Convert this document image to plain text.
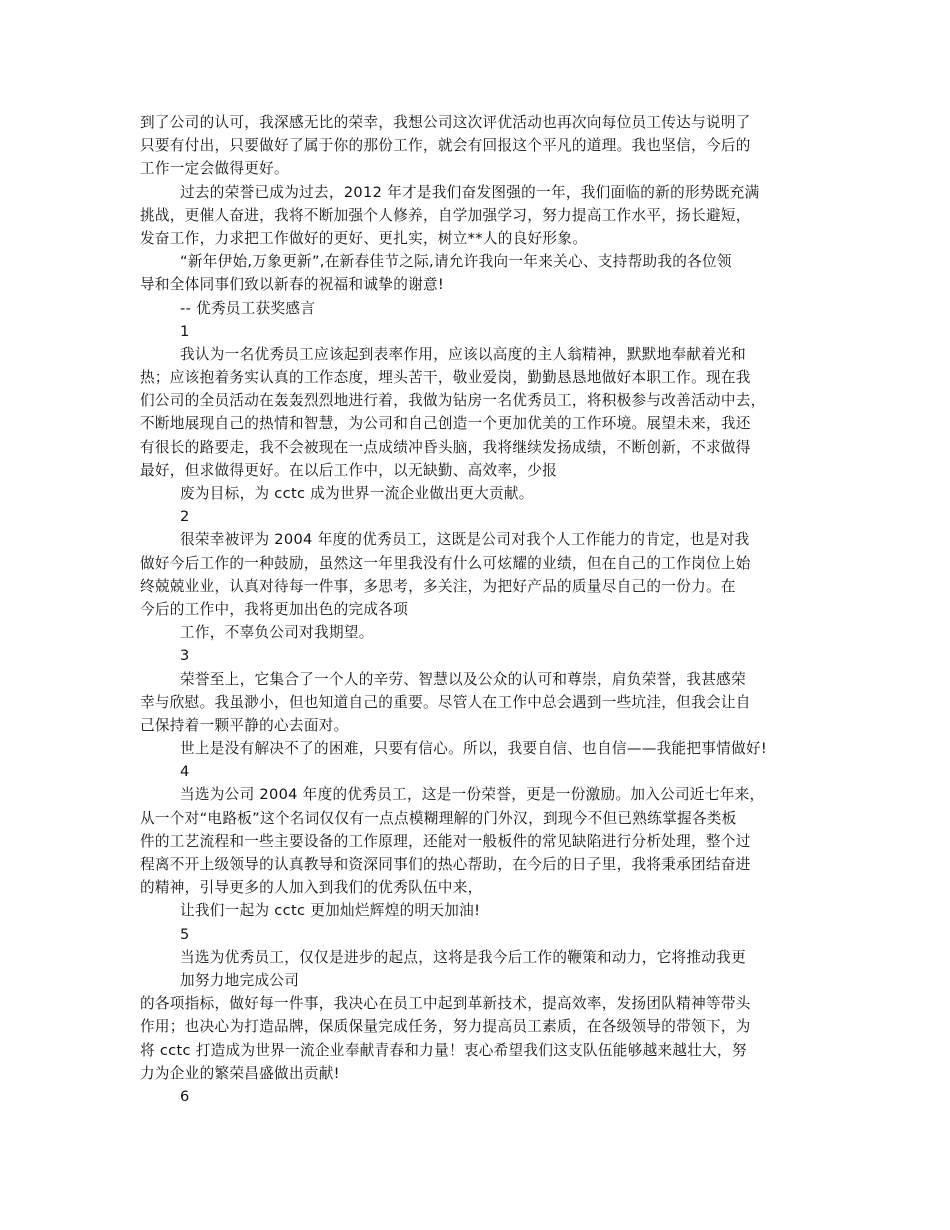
到了公司的认可，我深感无比的荣幸，我想公司这次评优活动也再次向每位员工传达与说明了
只要有付出，只要做好了属于你的那份工作，就会有回报这个平凡的道理。我也坚信，今后的
工作一定会做得更好。
过去的荣誉已成为过去，2012 年才是我们奋发图强的一年，我们面临的新的形势既充满
挑战，更催人奋进，我将不断加强个人修养，自学加强学习，努力提高工作水平，扬长避短，
发奋工作，力求把工作做好的更好、更扎实，树立**人的良好形象。
“新年伊始,万象更新”,在新春佳节之际,请允许我向一年来关心、支持帮助我的各位领
导和全体同事们致以新春的祝福和诚挚的谢意!
-- 优秀员工获奖感言
1
我认为一名优秀员工应该起到表率作用，应该以高度的主人翁精神，默默地奉献着光和
热；应该抱着务实认真的工作态度，埋头苦干，敬业爱岗，勤勤恳恳地做好本职工作。现在我
们公司的全员活动在轰轰烈烈地进行着，我做为钻房一名优秀员工，将积极参与改善活动中去，
不断地展现自己的热情和智慧，为公司和自己创造一个更加优美的工作环境。展望未来，我还
有很长的路要走，我不会被现在一点成绩冲昏头脑，我将继续发扬成绩，不断创新，不求做得
最好，但求做得更好。在以后工作中，以无缺勤、高效率，少报
废为目标，为 cctc 成为世界一流企业做出更大贡献。
2
很荣幸被评为 2004 年度的优秀员工，这既是公司对我个人工作能力的肯定，也是对我
做好今后工作的一种鼓励，虽然这一年里我没有什么可炫耀的业绩，但在自己的工作岗位上始
终兢兢业业，认真对待每一件事，多思考，多关注，为把好产品的质量尽自己的一份力。在
今后的工作中，我将更加出色的完成各项
工作，不辜负公司对我期望。
3
荣誉至上，它集合了一个人的辛劳、智慧以及公众的认可和尊崇，肩负荣誉，我甚感荣
幸与欣慰。我虽渺小，但也知道自己的重要。尽管人在工作中总会遇到一些坑洼，但我会让自
己保持着一颗平静的心去面对。
世上是没有解决不了的困难，只要有信心。所以，我要自信、也自信——我能把事情做好!
4
当选为公司 2004 年度的优秀员工，这是一份荣誉，更是一份激励。加入公司近七年来，
从一个对“电路板”这个名词仅仅有一点点模糊理解的门外汉，到现今不但已熟练掌握各类板
件的工艺流程和一些主要设备的工作原理，还能对一般板件的常见缺陷进行分析处理，整个过
程离不开上级领导的认真教导和资深同事们的热心帮助，在今后的日子里，我将秉承团结奋进
的精神，引导更多的人加入到我们的优秀队伍中来，
让我们一起为 cctc 更加灿烂辉煌的明天加油!
5
当选为优秀员工，仅仅是进步的起点，这将是我今后工作的鞭策和动力，它将推动我更
加努力地完成公司
的各项指标，做好每一件事，我决心在员工中起到革新技术，提高效率，发扬团队精神等带头
作用；也决心为打造品牌，保质保量完成任务，努力提高员工素质，在各级领导的带领下，为
将 cctc 打造成为世界一流企业奉献青春和力量！衷心希望我们这支队伍能够越来越壮大，努
力为企业的繁荣昌盛做出贡献!
6
